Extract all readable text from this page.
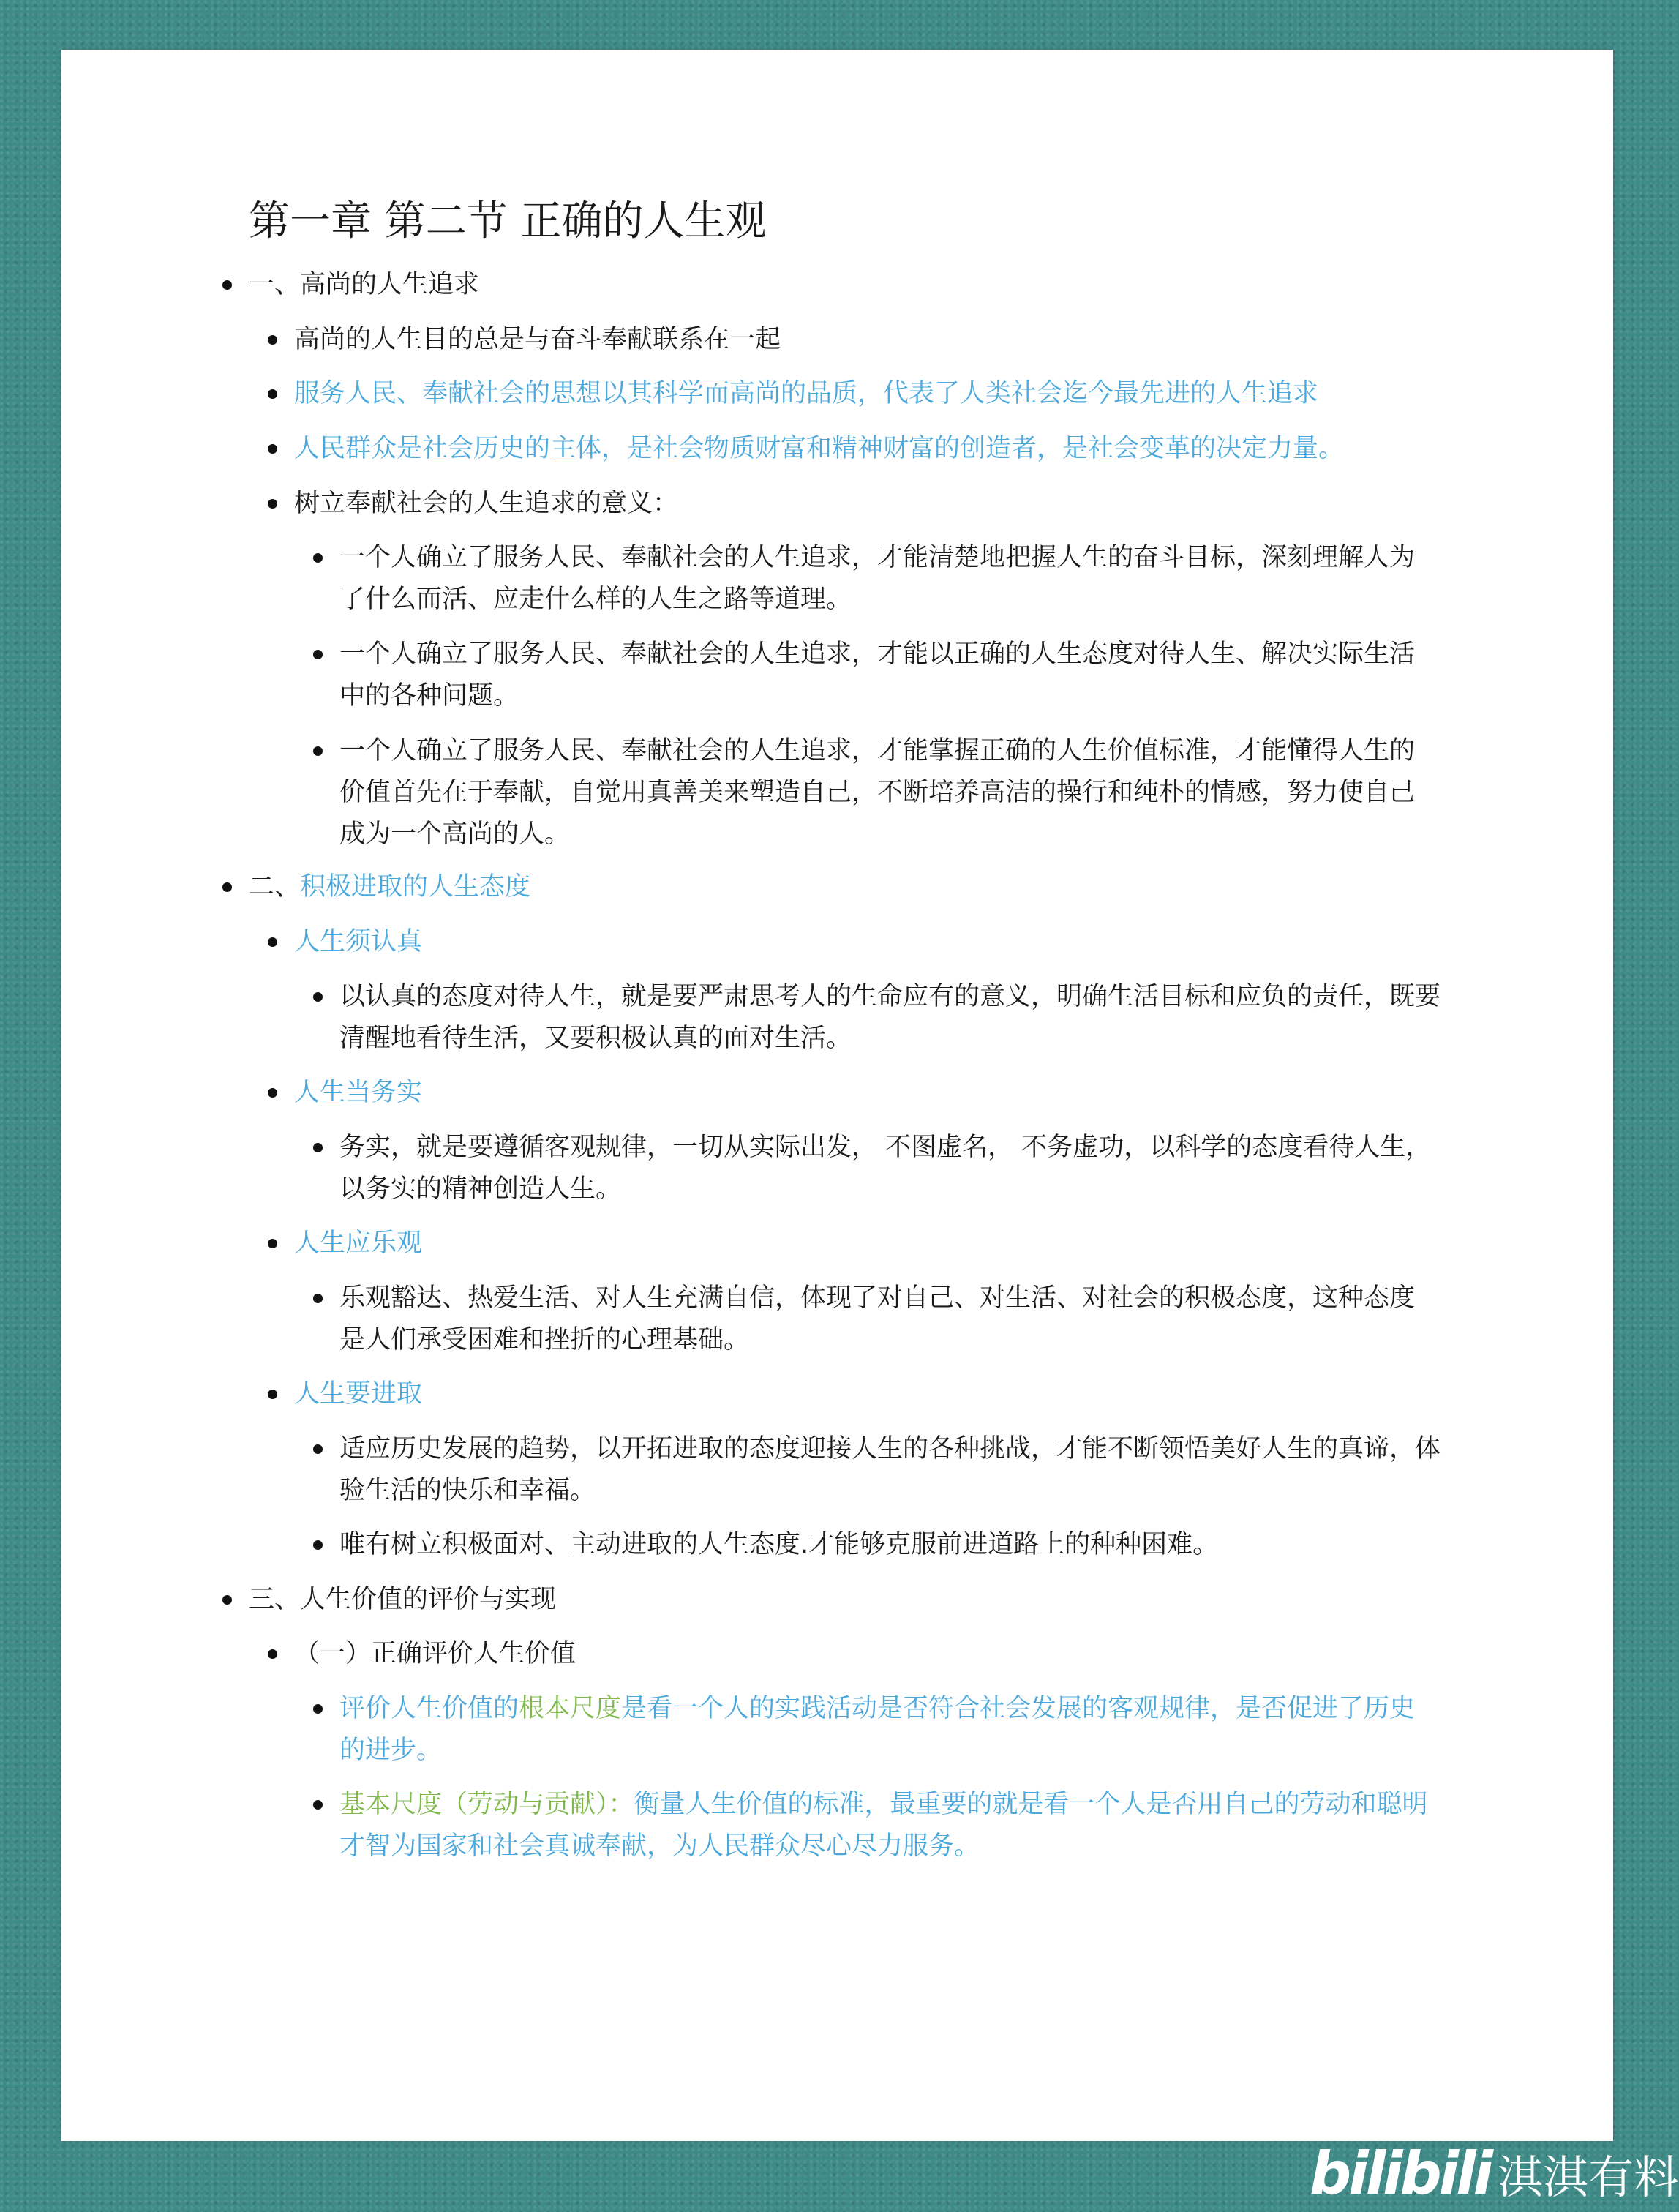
第一章 第二节 正确的人生观
一、高尚的人生追求
高尚的人生目的总是与奋斗奉献联系在一起
服务人民、奉献社会的思想以其科学而高尚的品质，代表了人类社会迄今最先进的人生追求
人民群众是社会历史的主体，是社会物质财富和精神财富的创造者，是社会变革的决定力量。
树立奉献社会的人生追求的意义：
一个人确立了服务人民、奉献社会的人生追求，才能清楚地把握人生的奋斗目标，深刻理解人为了什么而活、应走什么样的人生之路等道理。
一个人确立了服务人民、奉献社会的人生追求，才能以正确的人生态度对待人生、解决实际生活中的各种问题。
一个人确立了服务人民、奉献社会的人生追求，才能掌握正确的人生价值标准，才能懂得人生的价值首先在于奉献，自觉用真善美来塑造自己，不断培养高洁的操行和纯朴的情感，努力使自己成为一个高尚的人。
二、积极进取的人生态度
人生须认真
以认真的态度对待人生，就是要严肃思考人的生命应有的意义，明确生活目标和应负的责任，既要清醒地看待生活，又要积极认真的面对生活。
人生当务实
务实，就是要遵循客观规律，一切从实际出发， 不图虚名， 不务虚功，以科学的态度看待人生，以务实的精神创造人生。
人生应乐观
乐观豁达、热爱生活、对人生充满自信，体现了对自己、对生活、对社会的积极态度，这种态度是人们承受困难和挫折的心理基础。
人生要进取
适应历史发展的趋势，以开拓进取的态度迎接人生的各种挑战，才能不断领悟美好人生的真谛，体验生活的快乐和幸福。
唯有树立积极面对、主动进取的人生态度.才能够克服前进道路上的种种困难。
三、人生价值的评价与实现
（一）正确评价人生价值
评价人生价值的根本尺度是看一个人的实践活动是否符合社会发展的客观规律，是否促进了历史的进步。
基本尺度（劳动与贡献）：衡量人生价值的标准，最重要的就是看一个人是否用自己的劳动和聪明才智为国家和社会真诚奉献，为人民群众尽心尽力服务。
bilibili 淇淇有料
